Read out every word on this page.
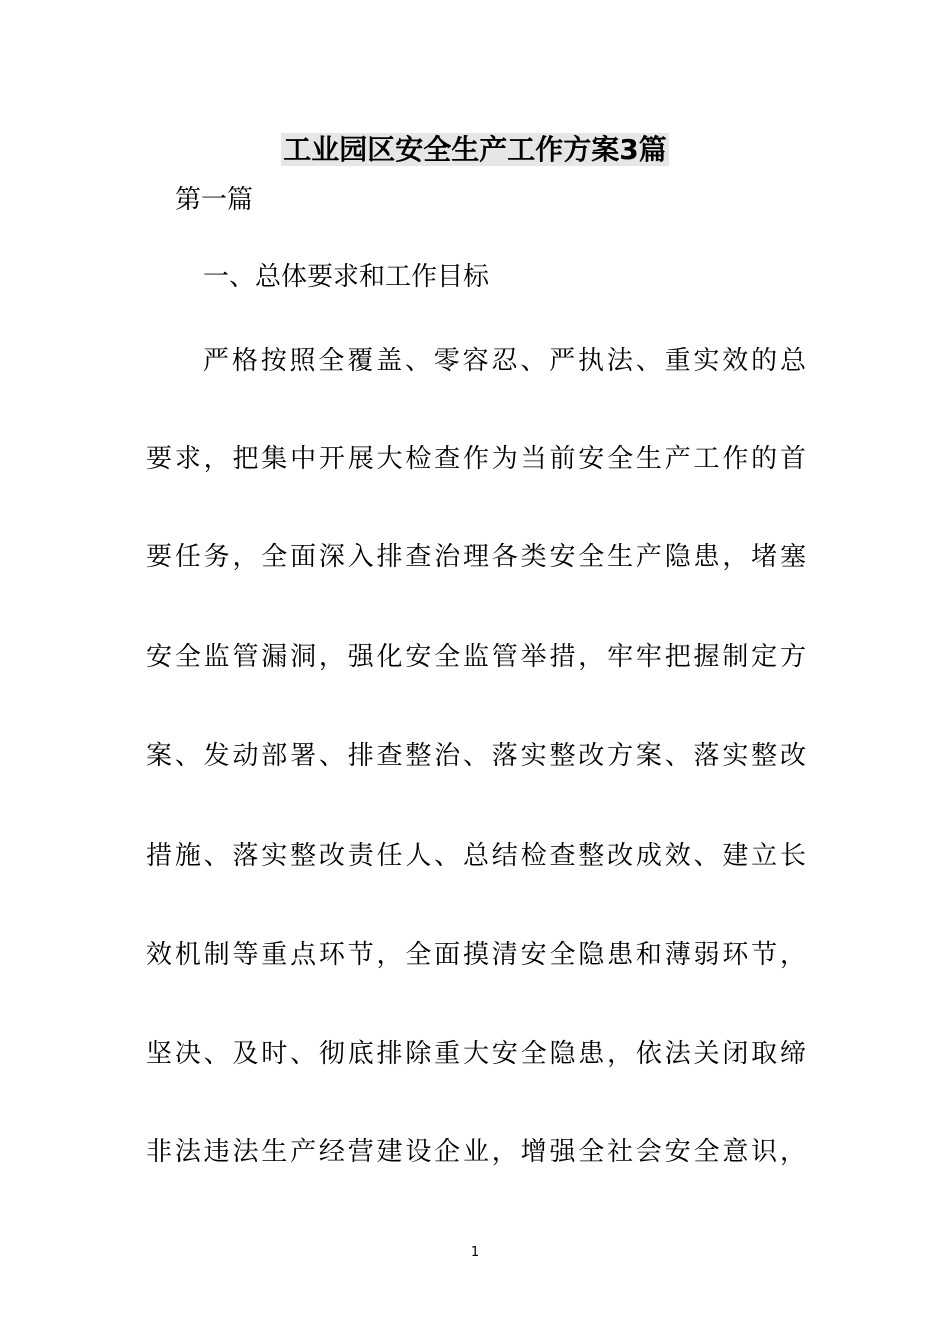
工业园区安全生产工作方案3篇
第一篇
一、总体要求和工作目标
严格按照全覆盖、零容忍、严执法、重实效的总
要求，把集中开展大检查作为当前安全生产工作的首
要任务，全面深入排查治理各类安全生产隐患，堵塞
安全监管漏洞，强化安全监管举措，牢牢把握制定方
案、发动部署、排查整治、落实整改方案、落实整改
措施、落实整改责任人、总结检查整改成效、建立长
效机制等重点环节，全面摸清安全隐患和薄弱环节，
坚决、及时、彻底排除重大安全隐患，依法关闭取缔
非法违法生产经营建设企业，增强全社会安全意识，
1
